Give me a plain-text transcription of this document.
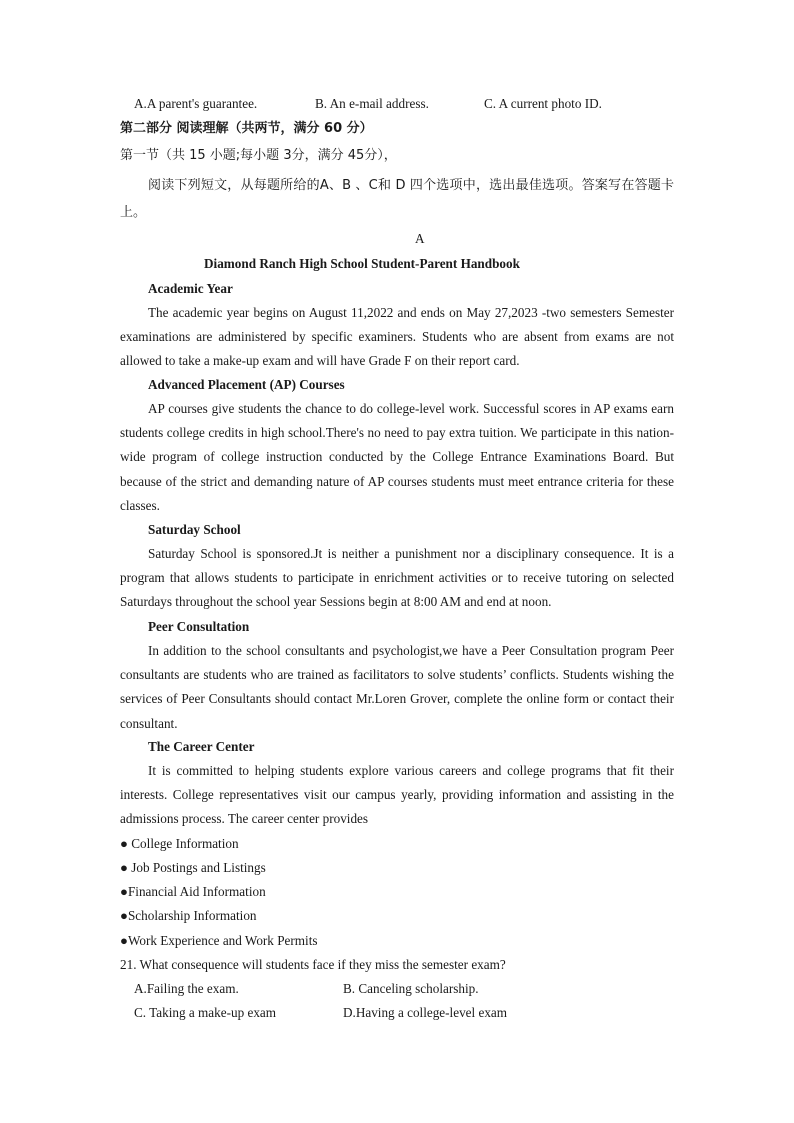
A.A parent's guarantee.	B. An e-mail address.	C. A current photo ID.
第二部分 阅读理解（共两节，满分 60 分）
第一节（共 15 小题;每小题 3分，满分 45分），
阅读下列短文，从每题所给的A、B 、C和 D 四个选项中，选出最佳选项。答案写在答题卡上。
A
Diamond Ranch High School Student-Parent Handbook
Academic Year
The academic year begins on August 11,2022 and ends on May 27,2023 -two semesters Semester examinations are administered by specific examiners. Students who are absent from exams are not allowed to take a make-up exam and will have Grade F on their report card.
Advanced Placement (AP) Courses
AP courses give students the chance to do college-level work. Successful scores in AP exams earn students college credits in high school.There's no need to pay extra tuition. We participate in this nation-wide program of college instruction conducted by the College Entrance Examinations Board. But because of the strict and demanding nature of AP courses students must meet entrance criteria for these classes.
Saturday School
Saturday School is sponsored.Jt is neither a punishment nor a disciplinary consequence. It is a program that allows students to participate in enrichment activities or to receive tutoring on selected Saturdays throughout the school year Sessions begin at 8:00 AM and end at noon.
Peer Consultation
In addition to the school consultants and psychologist,we have a Peer Consultation program Peer consultants are students who are trained as facilitators to solve students’ conflicts. Students wishing the services of Peer Consultants should contact Mr.Loren Grover, complete the online form or contact their consultant.
The Career Center
It is committed to helping students explore various careers and college programs that fit their interests. College representatives visit our campus yearly, providing information and assisting in the admissions process. The career center provides
● College Information
● Job Postings and Listings
●Financial Aid Information
●Scholarship Information
●Work Experience and Work Permits
21. What consequence will students face if they miss the semester exam?
A.Failing the exam.	B. Canceling scholarship.
C. Taking a make-up exam	D.Having a college-level exam
